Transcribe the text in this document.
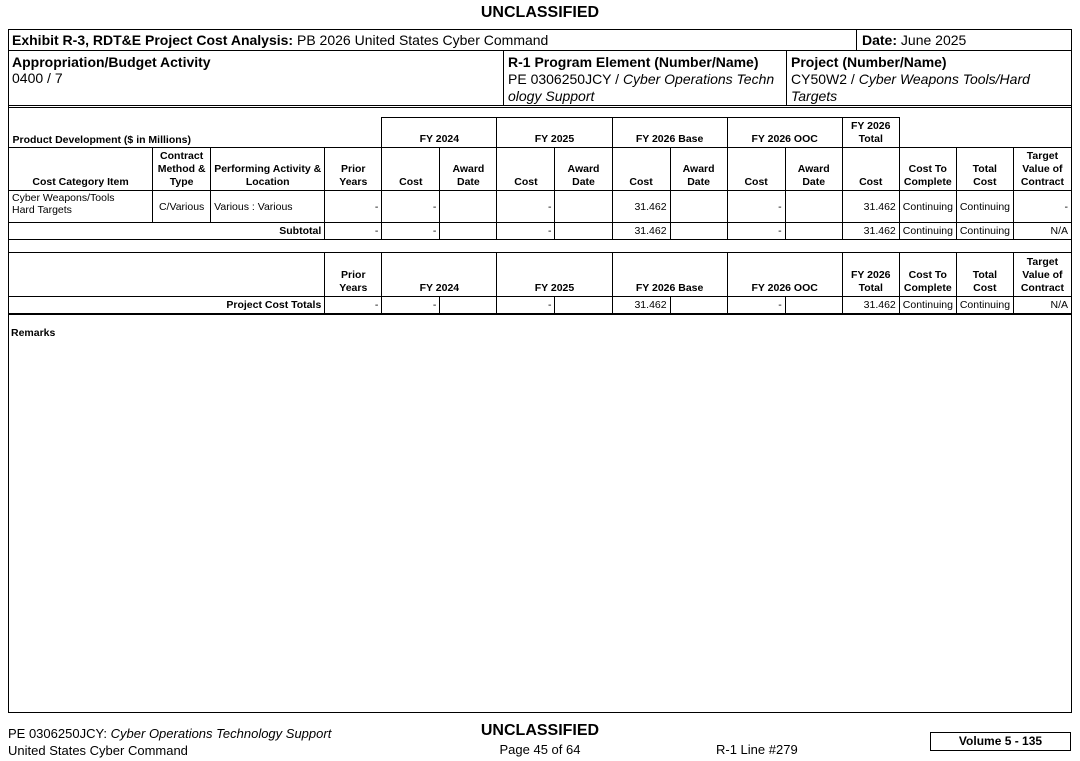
UNCLASSIFIED
Exhibit R-3, RDT&E Project Cost Analysis: PB 2026 United States Cyber Command	Date: June 2025
Appropriation/Budget Activity
0400 / 7
R-1 Program Element (Number/Name)
PE 0306250JCY / Cyber Operations Techn
ology Support
Project (Number/Name)
CY50W2 / Cyber Weapons Tools/Hard
Targets
Product Development ($ in Millions)				FY 2024		FY 2025		FY 2026 Base		FY 2026 OOC		FY 2026 Total			
Cost Category Item	Contract Method & Type	Performing Activity & Location	Prior Years	Cost	Award Date	Cost	Award Date	Cost	Award Date	Cost	Award Date	Cost	Cost To Complete	Total Cost	Target Value of Contract
Cyber Weapons/Tools
Hard Targets	C/Various	Various : Various	-	-		-		31.462		-		31.462	Continuing	Continuing	-
Subtotal			-	-		-		31.462		-		31.462	Continuing	Continuing	N/A
	Prior Years	FY 2024		FY 2025		FY 2026 Base		FY 2026 OOC		FY 2026 Total	Cost To Complete	Total Cost	Target Value of Contract
Project Cost Totals	-	-		-		31.462		-		31.462	Continuing	Continuing	N/A
Remarks
PE 0306250JCY: Cyber Operations Technology Support
United States Cyber Command
UNCLASSIFIED
Page 45 of 64	R-1 Line #279
Volume 5 - 135
